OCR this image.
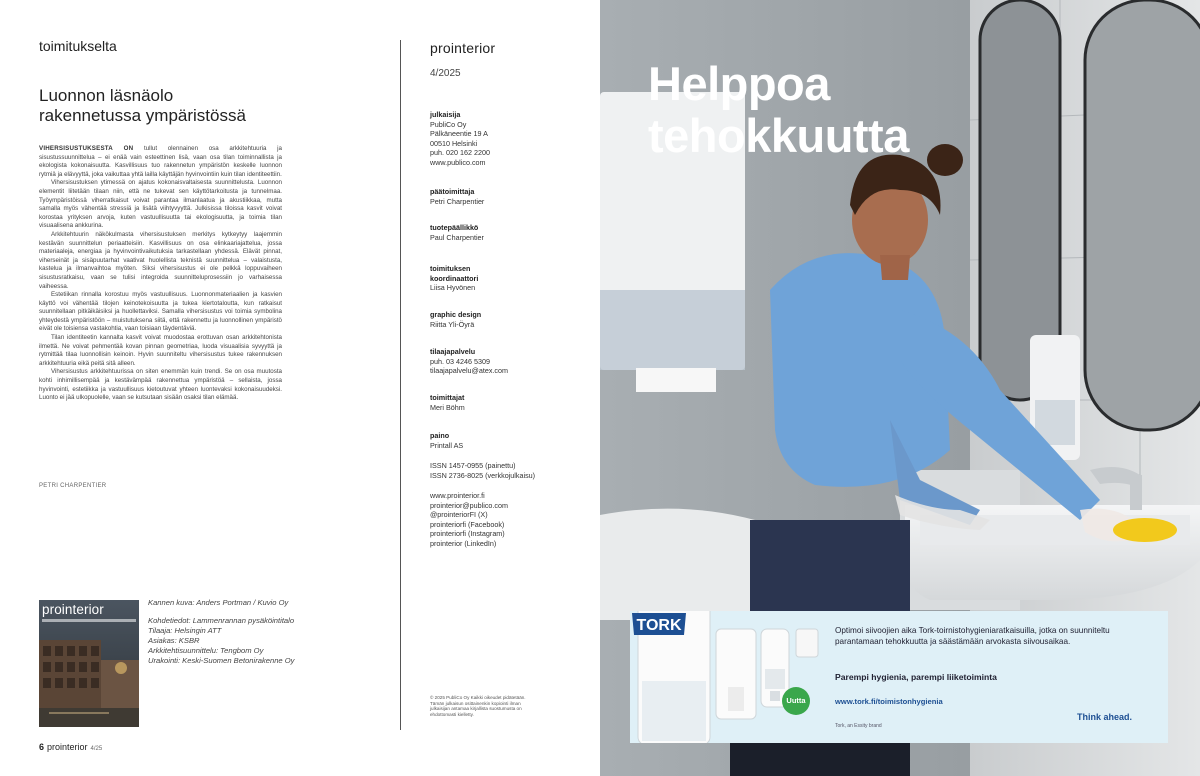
toimitukselta
Luonnon läsnäolo
rakennetussa ympäristössä

VIHERSISUSTUKSESTA ON tullut olennainen osa arkkitehtuuria ja sisustussuunnittelua – ei enää vain esteettinen lisä, vaan osa tilan toiminnallista ja ekologista kokonaisuutta. Kasvillisuus tuo rakennetun ympäristön keskelle luonnon rytmiä ja elävyyttä, joka vaikuttaa yhtä lailla käyttäjän hyvinvointiin kuin tilan identiteettiin.

Vihersisustuksen ytimessä on ajatus kokonaisvaltaisesta suunnittelusta. Luonnon elementit liitetään tilaan niin, että ne tukevat sen käyttötarkoitusta ja tunnelmaa. Työympäristöissä viherratkaisut voivat parantaa ilmanlaatua ja akustiikkaa, mutta samalla myös vähentää stressiä ja lisätä viihtyvyyttä. Julkisissa tiloissa kasvit voivat korostaa yrityksen arvoja, kuten vastuullisuutta tai ekologisuutta, ja toimia tilan visuaalisena ankkurina.

Arkkitehtuurin näkökulmasta vihersisustuksen merkitys kytkeytyy laajemmin kestävän suunnittelun periaatteisiin. Kasvillisuus on osa elinkaariajattelua, jossa materiaaleja, energiaa ja hyvinvointivaikutuksia tarkastellaan yhdessä. Elävät pinnat, viherseinät ja sisäpuutarhat vaativat huolellista teknistä suunnittelua – valaistusta, kastelua ja ilmanvaihtoa myöten. Siksi vihersisustus ei ole pelkkä loppuvaiheen sisustusratkaisu, vaan se tulisi integroida suunnitteluprosessiin jo varhaisessa vaiheessa.

Estetiikan rinnalla korostuu myös vastuullisuus. Luonnonmateriaalien ja kasvien käyttö voi vähentää tilojen keinotekoisuutta ja tukea kiertotaloutta, kun ratkaisut suunnitellaan pitkäikäisiksi ja huollettaviksi. Samalla vihersisustus voi toimia symbolina yhteydestä ympäristöön – muistutuksena siitä, että rakennettu ja luonnollinen ympäristö eivät ole toisiensa vastakohtia, vaan toisiaan täydentäviä.

Tilan identiteetin kannalta kasvit voivat muodostaa erottuvan osan arkkitehtonista ilmettä. Ne voivat pehmentää kovan pinnan geometriaa, luoda visuaalisia syvyyttä ja rytmittää tilaa luonnollisin keinoin. Hyvin suunniteltu vihersisustus tukee rakennuksen arkkitehtuuria eikä peitä sitä alleen.

Vihersisustus arkkitehtuurissa on siten enemmän kuin trendi. Se on osa muutosta kohti inhimillisempää ja kestävämpää rakennettua ympäristöä – sellaista, jossa hyvinvointi, estetiikka ja vastuullisuus kietoutuvat yhteen luontevaksi kokonaisuudeksi. Luonto ei jää ulkopuolelle, vaan se kutsutaan sisään osaksi tilan elämää.

PETRI CHARPENTIER
prointerior
4/2025
julkaisija
PubliCo Oy
Pälkäneentie 19 A
00510 Helsinki
puh. 020 162 2200
www.publico.com
päätoimittaja
Petri Charpentier
tuotepäällikkö
Paul Charpentier
toimituksen koordinaattori
Liisa Hyvönen
graphic design
Riitta Yli-Öyrä
tilaajapalvelu
puh. 03 4246 5309
tilaajapalvelu@atex.com
toimittajat
Meri Böhm
paino
Printall AS
ISSN 1457-0955 (painettu)
ISSN 2736-8025 (verkkojulkaisu)
www.prointerior.fi
prointerior@publico.com
@prointeriorFI (X)
prointeriorfi (Facebook)
prointeriorfi (Instagram)
prointerior (LinkedIn)
© 2025 PubliCo Oy Kaikki oikeudet pidätetään. Tämän julkaisun osittainenkin kopiointi ilman julkaisijan antamaa kirjallista suostumusta on ehdottomasti kielletty.
prointerior	Kannen kuva: Anders Portman / Kuvio Oy
Kohdetiedot: Lammenrannan pysäköintitalo
Tilaaja: Helsingin ATT
Asiakas: KSBR
Arkkitehtisuunnittelu: Tengbom Oy
Urakointi: Keski-Suomen Betonirakenne Oy
6 prointerior 4/25
Helppoa
tehokkuutta
Uutta
Optimoi siivoojien aika Tork-toirnistohygieniaratkaisuilla, jotka on suunniteltu parantamaan tehokkuutta ja säästämään arvokasta siivousaikaa.
Parempi hygienia, parempi liiketoiminta
www.tork.fi/toimistonhygienia
Tork, an Essity brand
TORK
Think ahead.
